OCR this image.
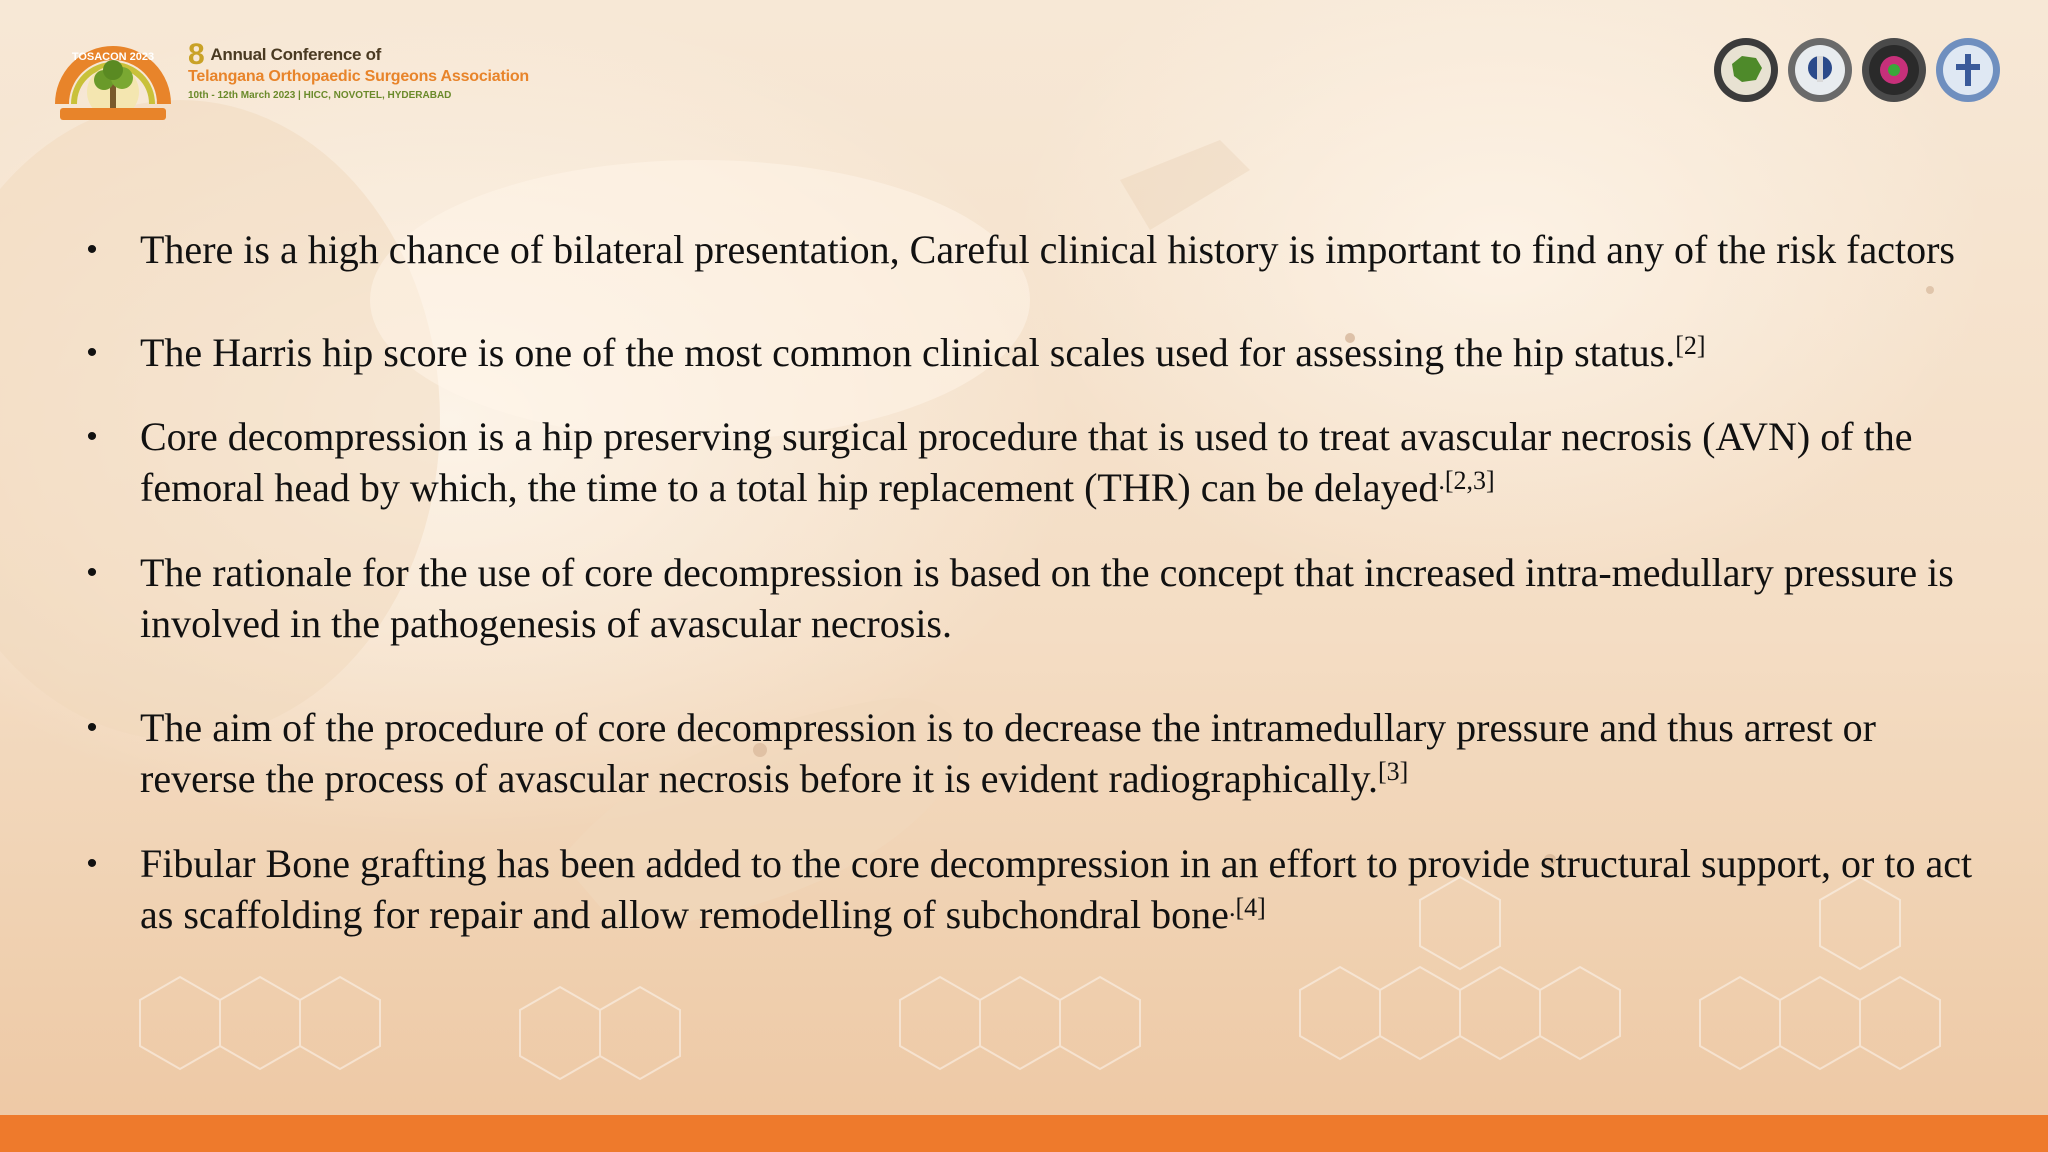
TOSACON 2023 8 Annual Conference of
Telangana Orthopaedic Surgeons Association
10th - 12th March 2023 | HICC, NOVOTEL, HYDERABAD
•	There is a high chance of bilateral presentation, Careful clinical history is important to find any of the risk factors
•	The Harris hip score is one of the most common clinical scales used for assessing the hip status.[2]
•	Core decompression is a hip preserving surgical procedure that is used to treat avascular necrosis (AVN) of the femoral head by which, the time to a total hip replacement (THR) can be delayed$^{.[2,3]}$
•	The rationale for the use of core decompression is based on the concept that increased intra-medullary pressure is involved in the pathogenesis of avascular necrosis.
•	The aim of the procedure of core decompression is to decrease the intramedullary pressure and thus arrest or reverse the process of avascular necrosis before it is evident radiographically.[3]
•	Fibular Bone grafting has been added to the core decompression in an effort to provide structural support, or to act as scaffolding for repair and allow remodelling of subchondral bone$^{.[4]}$
